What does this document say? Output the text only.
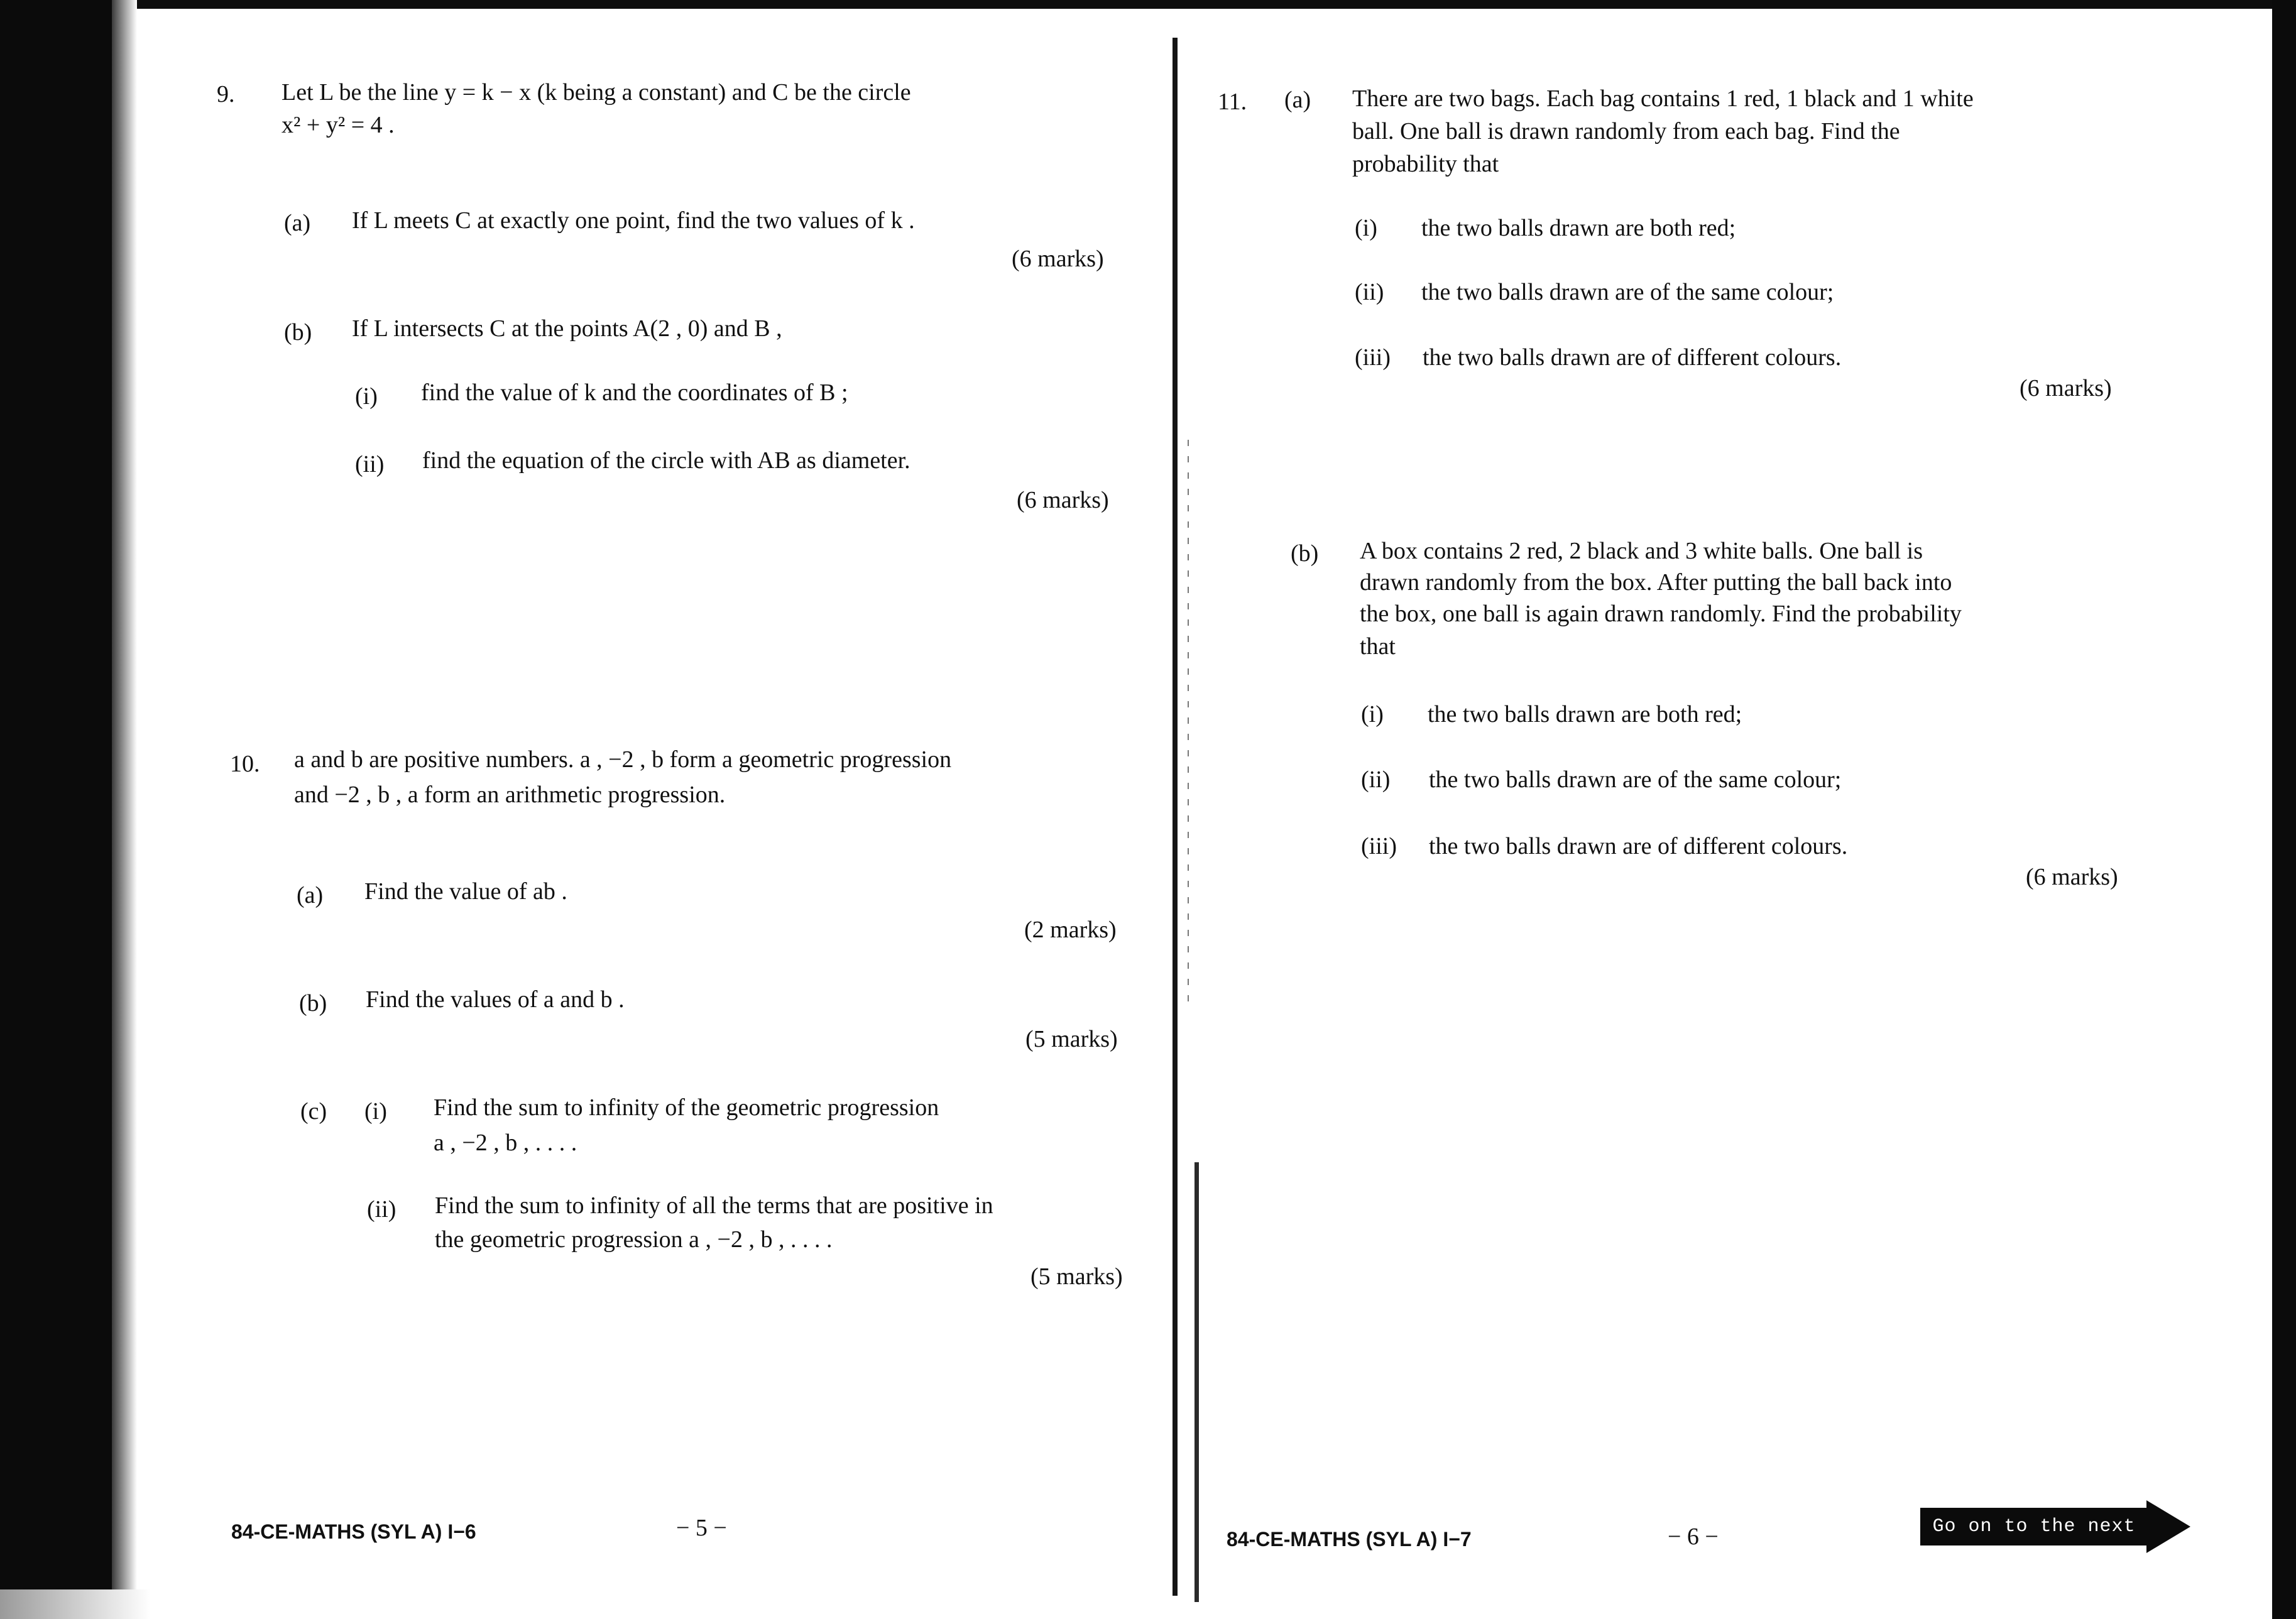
9. Let L be the line y = k − x (k being a constant) and C be the circle
x² + y² = 4 .
(a) If L meets C at exactly one point, find the two values of k .
(6 marks)
(b) If L intersects C at the points A(2 , 0) and B ,
(i) find the value of k and the coordinates of B ;
(ii) find the equation of the circle with AB as diameter.
(6 marks)
10. a and b are positive numbers. a , −2 , b form a geometric progression
and −2 , b , a form an arithmetic progression.
(a) Find the value of ab .
(2 marks)
(b) Find the values of a and b .
(5 marks)
(c) (i) Find the sum to infinity of the geometric progression
a , −2 , b , . . . .
(ii) Find the sum to infinity of all the terms that are positive in
the geometric progression a , −2 , b , . . . .
(5 marks)
11. (a) There are two bags. Each bag contains 1 red, 1 black and 1 white
ball. One ball is drawn randomly from each bag. Find the
probability that
(i) the two balls drawn are both red;
(ii) the two balls drawn are of the same colour;
(iii) the two balls drawn are of different colours.
(6 marks)
(b) A box contains 2 red, 2 black and 3 white balls. One ball is
drawn randomly from the box. After putting the ball back into
the box, one ball is again drawn randomly. Find the probability
that
(i) the two balls drawn are both red;
(ii) the two balls drawn are of the same colour;
(iii) the two balls drawn are of different colours.
(6 marks)
84-CE-MATHS (SYL A) I−6	− 5 −	84-CE-MATHS (SYL A) I−7	− 6 −	Go on to the next page
